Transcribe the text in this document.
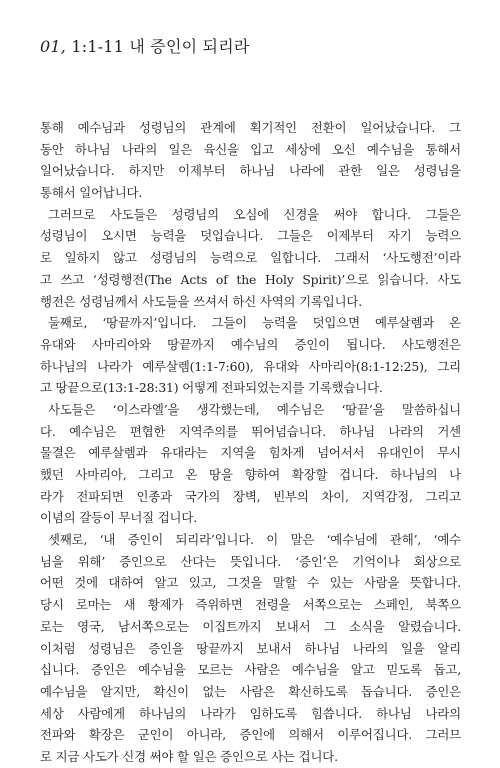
01, 1:1-11 내 증인이 되리라
통해 예수님과 성령님의 관계에 획기적인 전환이 일어났습니다. 그
동안 하나님 나라의 일은 육신을 입고 세상에 오신 예수님을 통해서
일어났습니다. 하지만 이제부터 하나님 나라에 관한 일은 성령님을
통해서 일어납니다.
그러므로 사도들은 성령님의 오심에 신경을 써야 합니다. 그들은
성령님이 오시면 능력을 덧입습니다. 그들은 이제부터 자기 능력으
로 일하지 않고 성령님의 능력으로 일합니다. 그래서 ‘사도행전’이라
고 쓰고 ‘성령행전(The Acts of the Holy Spirit)’으로 읽습니다. 사도
행전은 성령님께서 사도들을 쓰셔서 하신 사역의 기록입니다.
둘째로, ‘땅끝까지’입니다. 그들이 능력을 덧입으면 예루살렘과 온
유대와 사마리아와 땅끝까지 예수님의 증인이 됩니다. 사도행전은
하나님의 나라가 예루살렘(1:1-7:60), 유대와 사마리아(8:1-12:25), 그리
고 땅끝으로(13:1-28:31) 어떻게 전파되었는지를 기록했습니다.
사도들은 ‘이스라엘’을 생각했는데, 예수님은 ‘땅끝’을 말씀하십니
다. 예수님은 편협한 지역주의를 뛰어넘습니다. 하나님 나라의 거센
물결은 예루살렘과 유대라는 지역을 힘차게 넘어서서 유대인이 무시
했던 사마리아, 그리고 온 땅을 향하여 확장할 겁니다. 하나님의 나
라가 전파되면 인종과 국가의 장벽, 빈부의 차이, 지역감정, 그리고
이념의 갈등이 무너질 겁니다.
셋째로, ‘내 증인이 되리라’입니다. 이 말은 ‘예수님에 관해’, ‘예수
님을 위해’ 증인으로 산다는 뜻입니다. ‘증인’은 기억이나 회상으로
어떤 것에 대하여 알고 있고, 그것을 말할 수 있는 사람을 뜻합니다.
당시 로마는 새 황제가 즉위하면 전령을 서쪽으로는 스페인, 북쪽으
로는 영국, 남서쪽으로는 이집트까지 보내서 그 소식을 알렸습니다.
이처럼 성령님은 증인을 땅끝까지 보내서 하나님 나라의 일을 알리
십니다. 증인은 예수님을 모르는 사람은 예수님을 알고 믿도록 돕고,
예수님을 알지만, 확신이 없는 사람은 확신하도록 돕습니다. 증인은
세상 사람에게 하나님의 나라가 임하도록 힘씁니다. 하나님 나라의
전파와 확장은 군인이 아니라, 증인에 의해서 이루어집니다. 그러므
로 지금 사도가 신경 써야 할 일은 증인으로 사는 겁니다.
